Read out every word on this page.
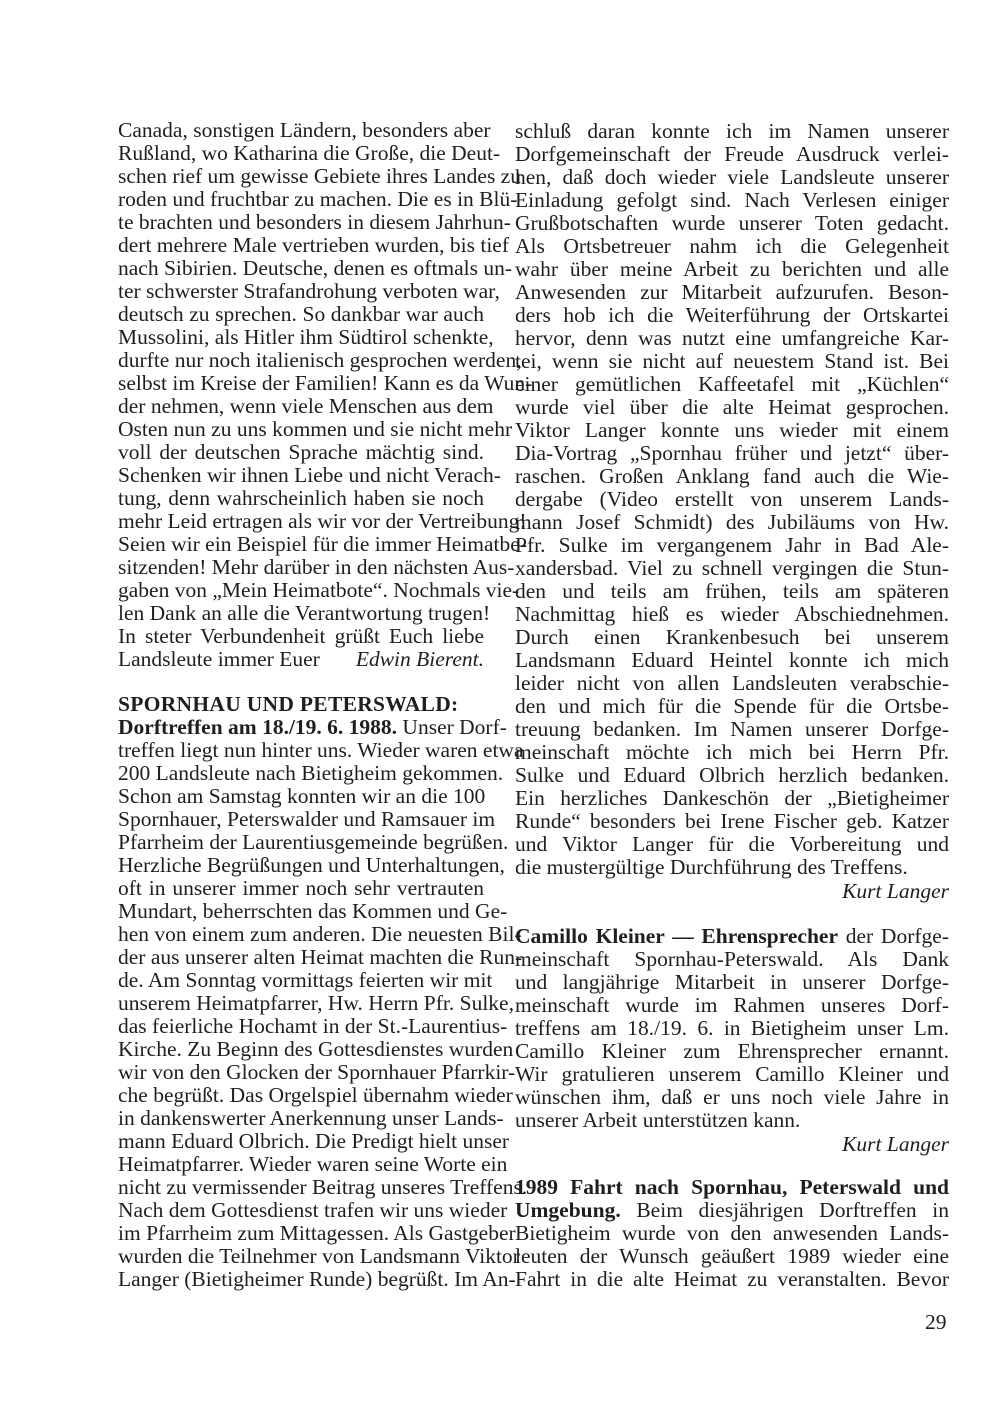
Canada, sonstigen Ländern, besonders aber
Rußland, wo Katharina die Große, die Deut-
schen rief um gewisse Gebiete ihres Landes zu
roden und fruchtbar zu machen. Die es in Blü-
te brachten und besonders in diesem Jahrhun-
dert mehrere Male vertrieben wurden, bis tief
nach Sibirien. Deutsche, denen es oftmals un-
ter schwerster Strafandrohung verboten war,
deutsch zu sprechen. So dankbar war auch
Mussolini, als Hitler ihm Südtirol schenkte,
durfte nur noch italienisch gesprochen werden,
selbst im Kreise der Familien! Kann es da Wun-
der nehmen, wenn viele Menschen aus dem
Osten nun zu uns kommen und sie nicht mehr
voll der deutschen Sprache mächtig sind.
Schenken wir ihnen Liebe und nicht Verach-
tung, denn wahrscheinlich haben sie noch
mehr Leid ertragen als wir vor der Vertreibung!
Seien wir ein Beispiel für die immer Heimatbe-
sitzenden! Mehr darüber in den nächsten Aus-
gaben von „Mein Heimatbote“. Nochmals vie-
len Dank an alle die Verantwortung trugen!
In steter Verbundenheit grüßt Euch liebe
Landsleute immer Euer Edwin Bierent.
SPORNHAU UND PETERSWALD:
Dorftreffen am 18./19. 6. 1988. Unser Dorf-
treffen liegt nun hinter uns. Wieder waren etwa
200 Landsleute nach Bietigheim gekommen.
Schon am Samstag konnten wir an die 100
Spornhauer, Peterswalder und Ramsauer im
Pfarrheim der Laurentiusgemeinde begrüßen.
Herzliche Begrüßungen und Unterhaltungen,
oft in unserer immer noch sehr vertrauten
Mundart, beherrschten das Kommen und Ge-
hen von einem zum anderen. Die neuesten Bil-
der aus unserer alten Heimat machten die Run-
de. Am Sonntag vormittags feierten wir mit
unserem Heimatpfarrer, Hw. Herrn Pfr. Sulke,
das feierliche Hochamt in der St.-Laurentius-
Kirche. Zu Beginn des Gottesdienstes wurden
wir von den Glocken der Spornhauer Pfarrkir-
che begrüßt. Das Orgelspiel übernahm wieder
in dankenswerter Anerkennung unser Lands-
mann Eduard Olbrich. Die Predigt hielt unser
Heimatpfarrer. Wieder waren seine Worte ein
nicht zu vermissender Beitrag unseres Treffens.
Nach dem Gottesdienst trafen wir uns wieder
im Pfarrheim zum Mittagessen. Als Gastgeber
wurden die Teilnehmer von Landsmann Viktor
Langer (Bietigheimer Runde) begrüßt. Im An-
schluß daran konnte ich im Namen unserer
Dorfgemeinschaft der Freude Ausdruck verlei-
hen, daß doch wieder viele Landsleute unserer
Einladung gefolgt sind. Nach Verlesen einiger
Grußbotschaften wurde unserer Toten gedacht.
Als Ortsbetreuer nahm ich die Gelegenheit
wahr über meine Arbeit zu berichten und alle
Anwesenden zur Mitarbeit aufzurufen. Beson-
ders hob ich die Weiterführung der Ortskartei
hervor, denn was nutzt eine umfangreiche Kar-
tei, wenn sie nicht auf neuestem Stand ist. Bei
einer gemütlichen Kaffeetafel mit „Küchlen“
wurde viel über die alte Heimat gesprochen.
Viktor Langer konnte uns wieder mit einem
Dia-Vortrag „Spornhau früher und jetzt“ über-
raschen. Großen Anklang fand auch die Wie-
dergabe (Video erstellt von unserem Lands-
mann Josef Schmidt) des Jubiläums von Hw.
Pfr. Sulke im vergangenem Jahr in Bad Ale-
xandersbad. Viel zu schnell vergingen die Stun-
den und teils am frühen, teils am späteren
Nachmittag hieß es wieder Abschiednehmen.
Durch einen Krankenbesuch bei unserem
Landsmann Eduard Heintel konnte ich mich
leider nicht von allen Landsleuten verabschie-
den und mich für die Spende für die Ortsbe-
treuung bedanken. Im Namen unserer Dorfge-
meinschaft möchte ich mich bei Herrn Pfr.
Sulke und Eduard Olbrich herzlich bedanken.
Ein herzliches Dankeschön der „Bietigheimer
Runde“ besonders bei Irene Fischer geb. Katzer
und Viktor Langer für die Vorbereitung und
die mustergültige Durchführung des Treffens.
Kurt Langer
Camillo Kleiner — Ehrensprecher der Dorfge-
meinschaft Spornhau-Peterswald. Als Dank
und langjährige Mitarbeit in unserer Dorfge-
meinschaft wurde im Rahmen unseres Dorf-
treffens am 18./19. 6. in Bietigheim unser Lm.
Camillo Kleiner zum Ehrensprecher ernannt.
Wir gratulieren unserem Camillo Kleiner und
wünschen ihm, daß er uns noch viele Jahre in
unserer Arbeit unterstützen kann.
Kurt Langer
1989 Fahrt nach Spornhau, Peterswald und
Umgebung. Beim diesjährigen Dorftreffen in
Bietigheim wurde von den anwesenden Lands-
leuten der Wunsch geäußert 1989 wieder eine
Fahrt in die alte Heimat zu veranstalten. Bevor
29
